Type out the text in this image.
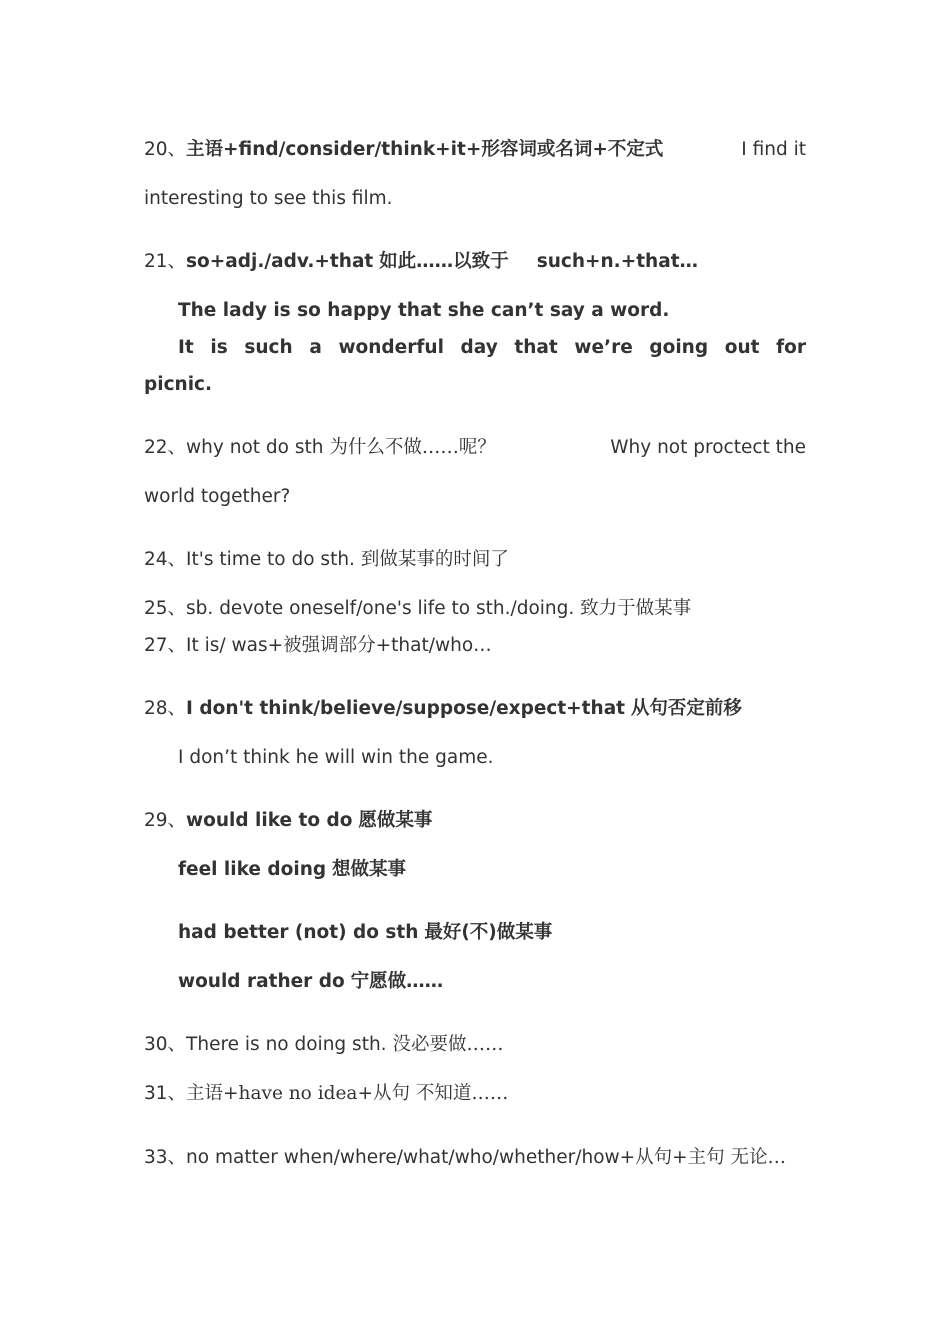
20、主语+find/consider/think+it+形容词或名词+不定式	I find it
interesting to see this film.
21、so+adj./adv.+that 如此……以致于 such+n.+that…
The lady is so happy that she can’t say a word.
It is such a wonderful day that we’re going out for
picnic.
22、why not do sth 为什么不做……呢？	Why not proctect the
world together?
24、It's time to do sth. 到做某事的时间了
25、sb. devote oneself/one's life to sth./doing. 致力于做某事
27、It is/ was+被强调部分+that/who…
28、I don't think/believe/suppose/expect+that 从句否定前移
I don’t think he will win the game.
29、would like to do 愿做某事
feel like doing 想做某事
had better (not) do sth 最好(不)做某事
would rather do 宁愿做……
30、There is no doing sth. 没必要做……
31、主语+have no idea+从句 不知道……
33、no matter when/where/what/who/whether/how+从句+主句 无论…
